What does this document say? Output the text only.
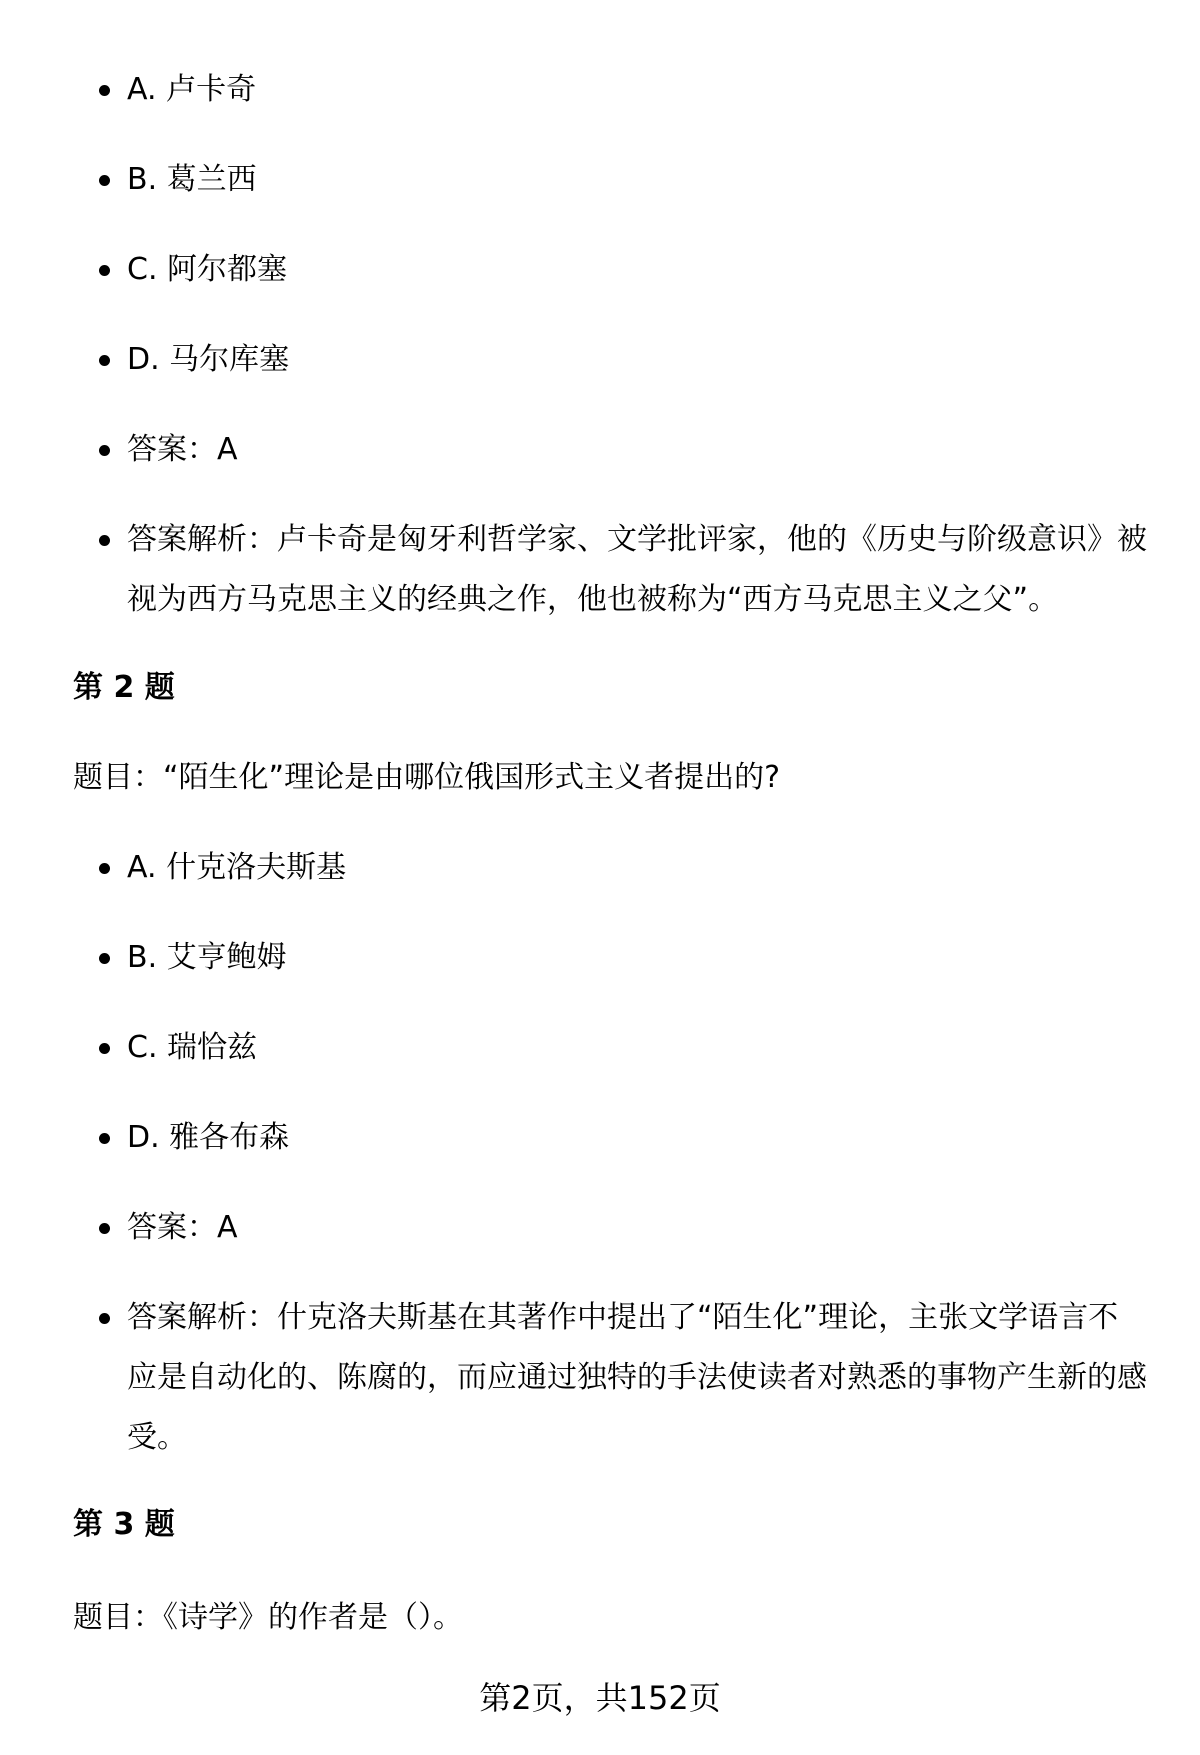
A. 卢卡奇
B. 葛兰西
C. 阿尔都塞
D. 马尔库塞
答案：A
答案解析：卢卡奇是匈牙利哲学家、文学批评家，他的《历史与阶级意识》被视为西方马克思主义的经典之作，他也被称为“西方马克思主义之父”。
第 2 题
题目：“陌生化”理论是由哪位俄国形式主义者提出的?
A. 什克洛夫斯基
B. 艾亨鲍姆
C. 瑞恰兹
D. 雅各布森
答案：A
答案解析：什克洛夫斯基在其著作中提出了“陌生化”理论，主张文学语言不应是自动化的、陈腐的，而应通过独特的手法使读者对熟悉的事物产生新的感受。
第 3 题
题目：《诗学》的作者是（）。
第2页，共152页
